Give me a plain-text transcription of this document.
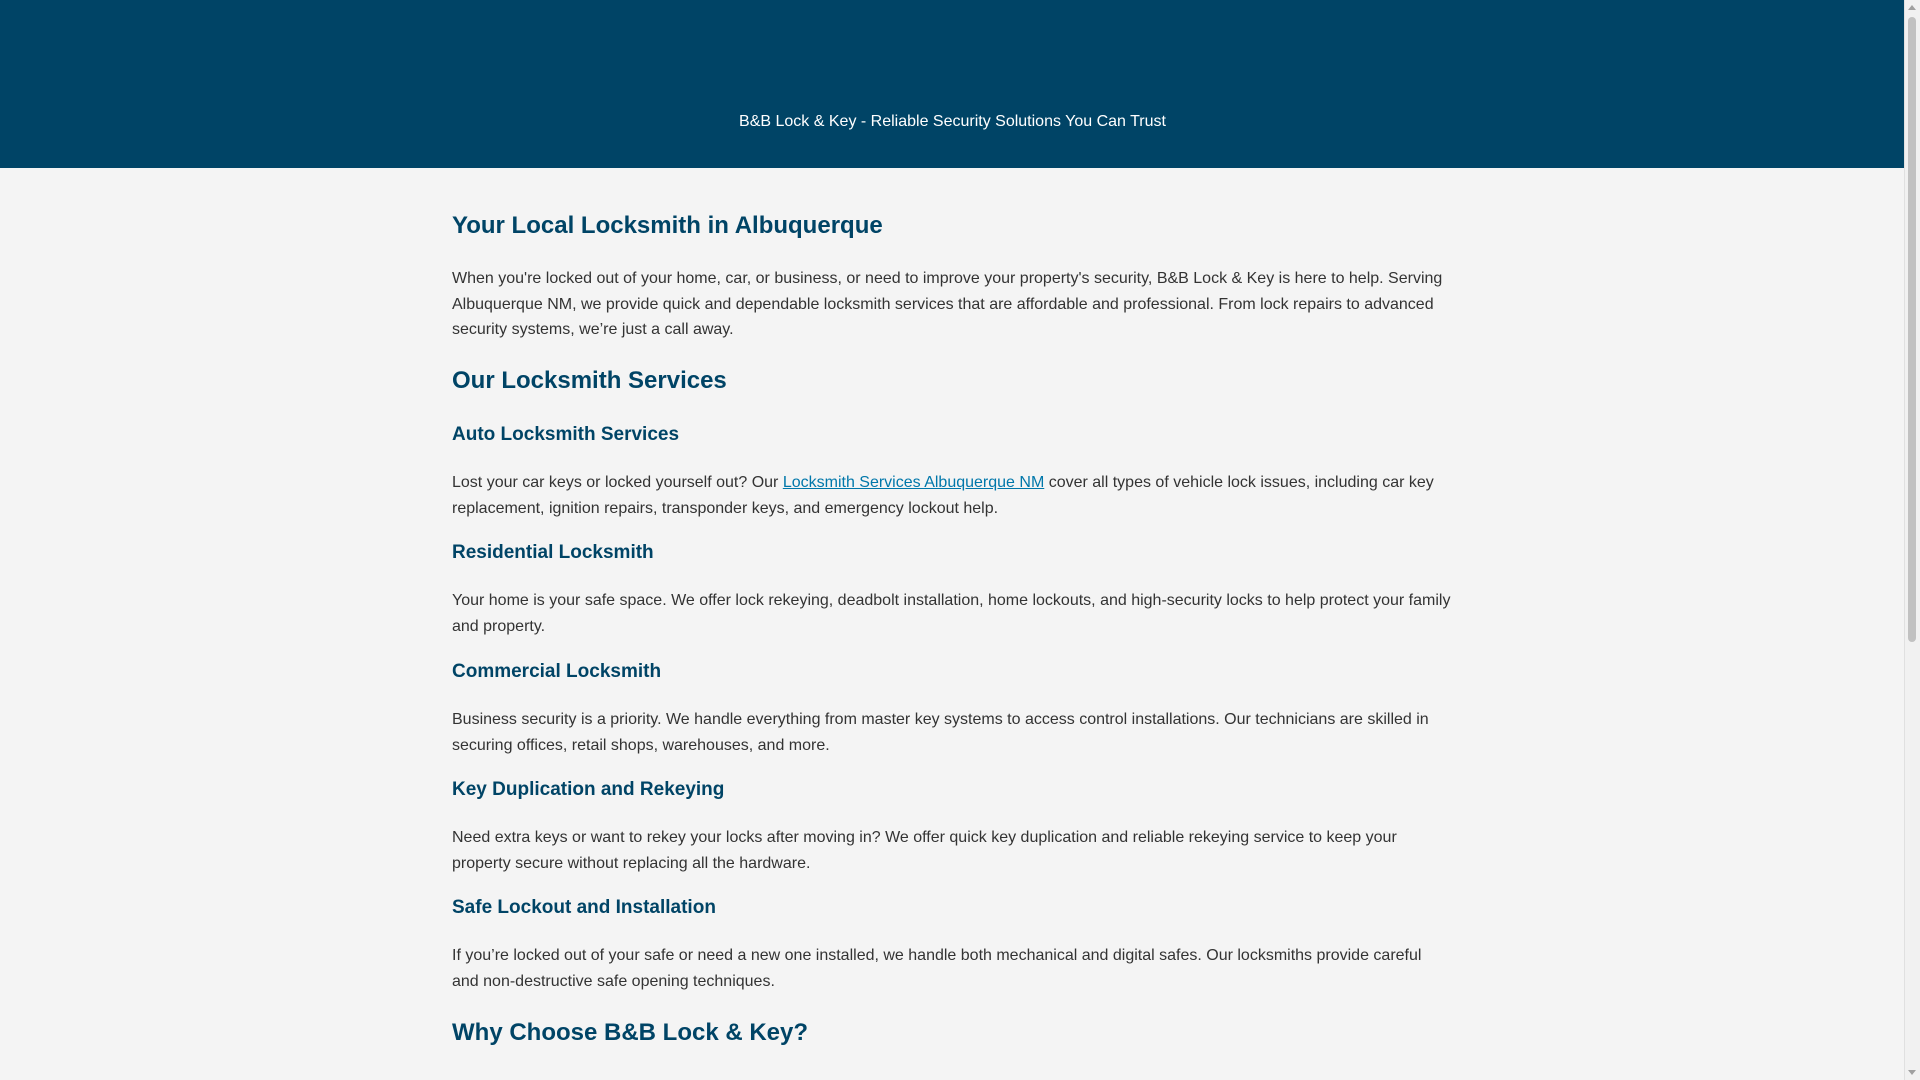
B&B Lock & Key - Reliable Security Solutions You Can Trust
Your Local Locksmith in Albuquerque

When you're locked out of your home, car, or business, or need to improve your property's security, B&B Lock & Key is here to help. Serving Albuquerque NM, we provide quick and dependable locksmith services that are affordable and professional. From lock repairs to advanced security systems, we’re just a call away.

Our Locksmith Services
Auto Locksmith Services

Lost your car keys or locked yourself out? Our Locksmith Services Albuquerque NM cover all types of vehicle lock issues, including car key replacement, ignition repairs, transponder keys, and emergency lockout help.

Residential Locksmith

Your home is your safe space. We offer lock rekeying, deadbolt installation, home lockouts, and high-security locks to help protect your family and property.

Commercial Locksmith

Business security is a priority. We handle everything from master key systems to access control installations. Our technicians are skilled in securing offices, retail shops, warehouses, and more.

Key Duplication and Rekeying

Need extra keys or want to rekey your locks after moving in? We offer quick key duplication and reliable rekeying service to keep your property secure without replacing all the hardware.

Safe Lockout and Installation

If you’re locked out of your safe or need a new one installed, we handle both mechanical and digital safes. Our locksmiths provide careful and non-destructive safe opening techniques.

Why Choose B&B Lock & Key?
